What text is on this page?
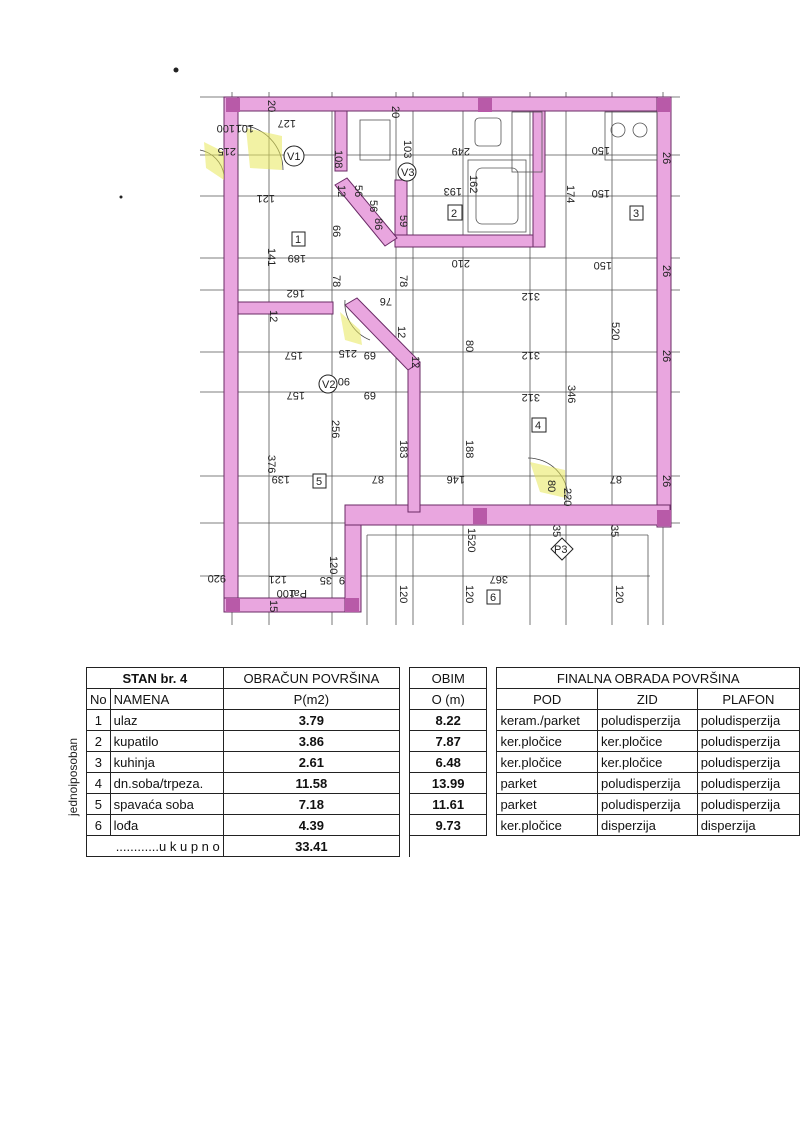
V1
V3
V2
P3
1
2	3
4
5
6
20
101
100
215
121
127
108
103	249
20
12 56
56
86
162
193	174
150
150
66
59
141 189
12
78	78
210	150
162
76	312
520
12
80
157	69
69
12
312
157
90
215
346
256
183	188
312
376
139	87	146	87
80
220
35
1520	35
120
121	367
120	120	120
100
15
Par
35 9
920
26
26
26
26
jednoiposoban
STAN br. 4		OBRAČUN POVRŠINA		OBIM		FINALNA OBRADA POVRŠINA		
No	NAMENA	P(m2)		O (m)		POD	ZID	PLAFON
1	ulaz	3.79		8.22		keram./parket	poludisperzija	poludisperzija
2	kupatilo	3.86		7.87		ker.pločice	ker.pločice	poludisperzija
3	kuhinja	2.61		6.48		ker.pločice	ker.pločice	poludisperzija
4	dn.soba/trpeza.	11.58		13.99		parket	poludisperzija	poludisperzija
5	spavaća soba	7.18		11.61		parket	poludisperzija	poludisperzija
6	lođa	4.39		9.73		ker.pločice	disperzija	disperzija
............u k u p n o		33.41						
